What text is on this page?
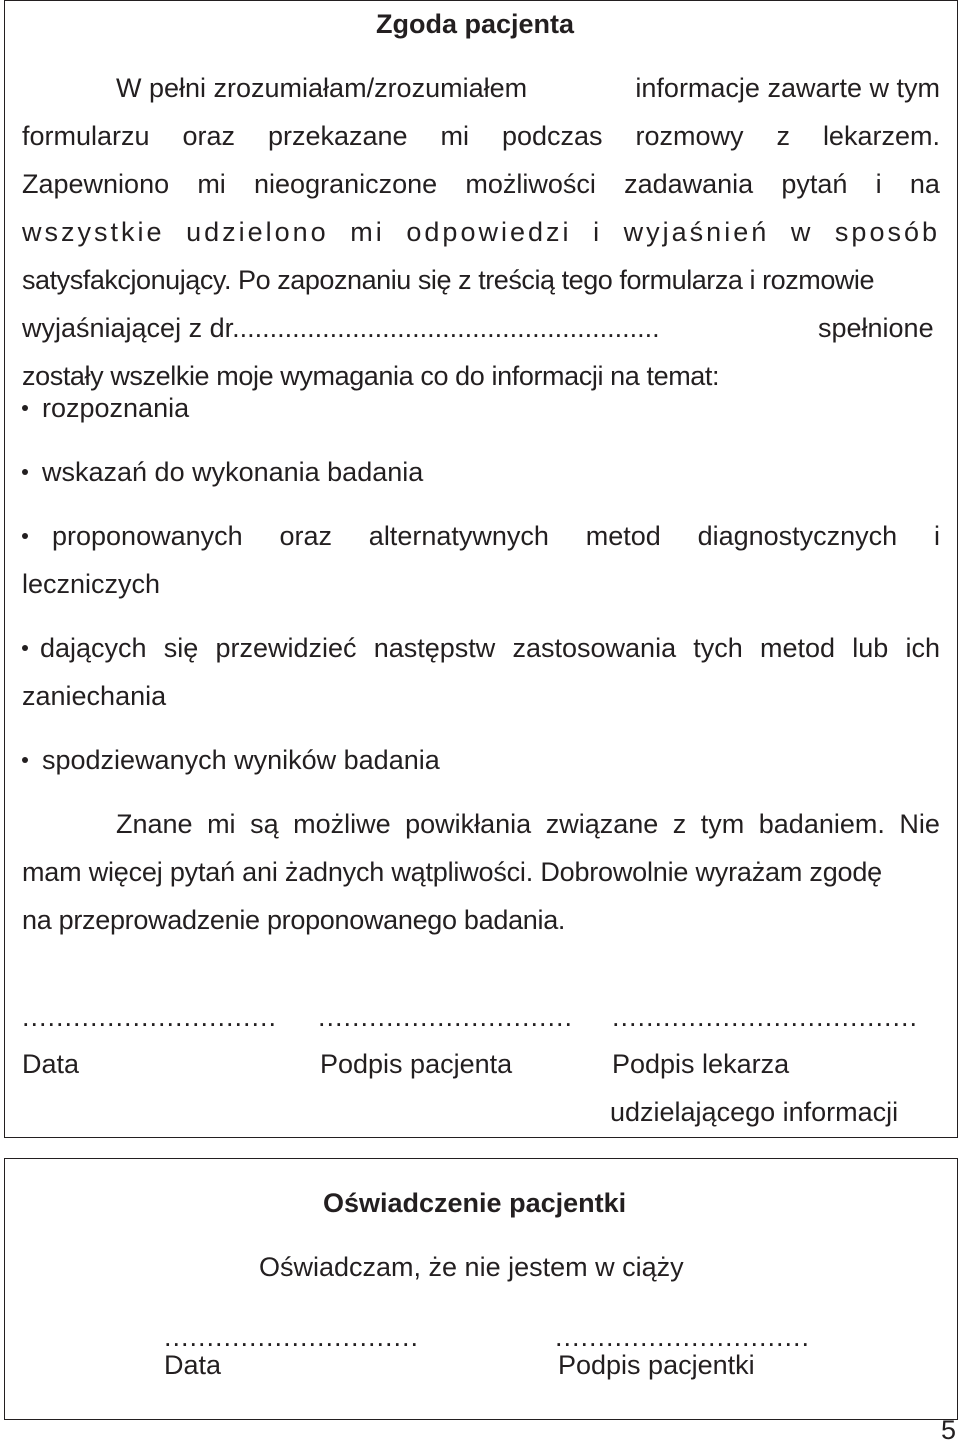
Zgoda pacjenta
W pełni zrozumiałam/zrozumiałem	informacje zawarte w tym
formularzu oraz przekazane mi podczas rozmowy z lekarzem.
Zapewniono mi nieograniczone możliwości zadawania pytań i na
wszystkie udzielono mi odpowiedzi i wyjaśnień w sposób
satysfakcjonujący. Po zapoznaniu się z treścią tego formularza i rozmowie
wyjaśniającej z dr.........................................................	spełnione
zostały wszelkie moje wymagania co do informacji na temat:
rozpoznania
wskazań do wykonania badania
proponowanych oraz alternatywnych metod diagnostycznych i
leczniczych
dających się przewidzieć następstw zastosowania tych metod lub ich
zaniechania
spodziewanych wyników badania
Znane mi są możliwe powikłania związane z tym badaniem. Nie
mam więcej pytań ani żadnych wątpliwości. Dobrowolnie wyrażam zgodę
na przeprowadzenie proponowanego badania.
.............................. .............................. ....................................
Data	Podpis pacjenta	Podpis lekarza
udzielającego informacji
Oświadczenie pacjentki
Oświadczam, że nie jestem w ciąży
..............................	..............................
Data	Podpis pacjentki
5
